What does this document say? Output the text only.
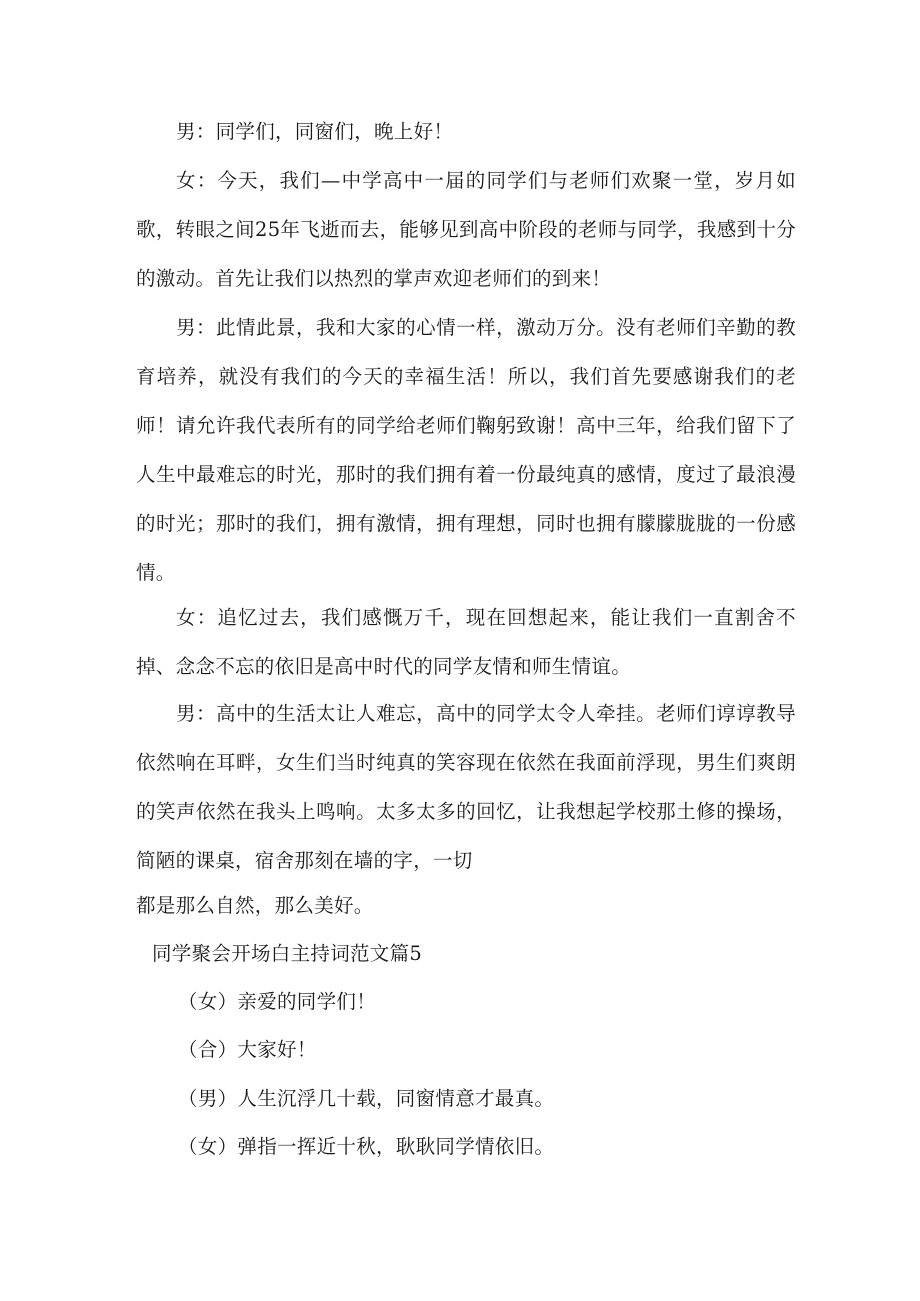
男：同学们，同窗们，晚上好！

女：今天，我们—中学高中一届的同学们与老师们欢聚一堂，岁月如歌，转眼之间25年飞逝而去，能够见到高中阶段的老师与同学，我感到十分的激动。首先让我们以热烈的掌声欢迎老师们的到来！

男：此情此景，我和大家的心情一样，激动万分。没有老师们辛勤的教育培养，就没有我们的今天的幸福生活！所以，我们首先要感谢我们的老师！请允许我代表所有的同学给老师们鞠躬致谢！高中三年，给我们留下了人生中最难忘的时光，那时的我们拥有着一份最纯真的感情，度过了最浪漫的时光；那时的我们，拥有激情，拥有理想，同时也拥有朦朦胧胧的一份感情。

女：追忆过去，我们感慨万千，现在回想起来，能让我们一直割舍不掉、念念不忘的依旧是高中时代的同学友情和师生情谊。

男：高中的生活太让人难忘，高中的同学太令人牵挂。老师们谆谆教导依然响在耳畔，女生们当时纯真的笑容现在依然在我面前浮现，男生们爽朗的笑声依然在我头上鸣响。太多太多的回忆，让我想起学校那土修的操场，简陋的课桌，宿舍那刻在墙的字，一切

都是那么自然，那么美好。

同学聚会开场白主持词范文篇5

（女）亲爱的同学们！

（合）大家好！

（男）人生沉浮几十载，同窗情意才最真。

（女）弹指一挥近十秋，耿耿同学情依旧。
